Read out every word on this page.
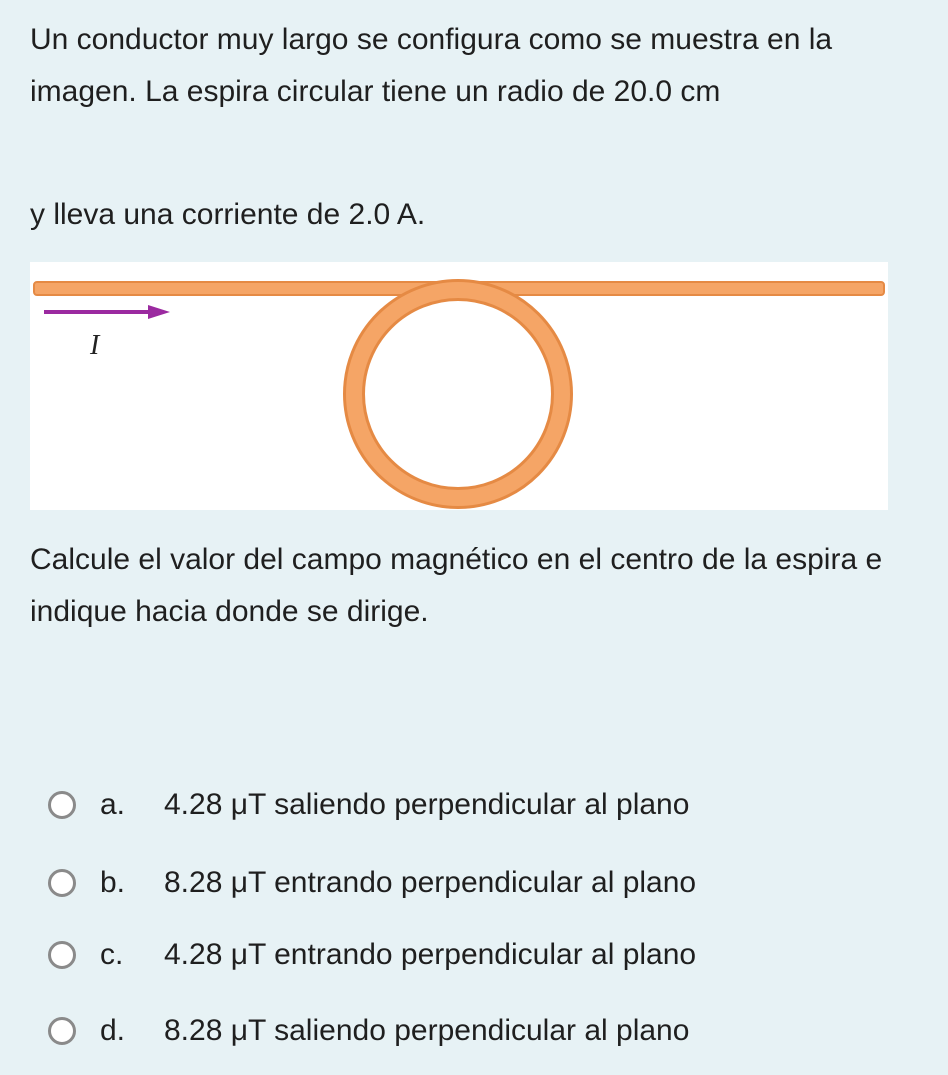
Un conductor muy largo se configura como se muestra en la imagen. La espira circular tiene un radio de 20.0 cm

y lleva una corriente de 2.0 A.

I

Calcule el valor del campo magnético en el centro de la espira e indique hacia donde se dirige.

a.	4.28 μT saliendo perpendicular al plano
b.	8.28 μT entrando perpendicular al plano
c.	4.28 μT entrando perpendicular al plano
d.	8.28 μT saliendo perpendicular al plano
